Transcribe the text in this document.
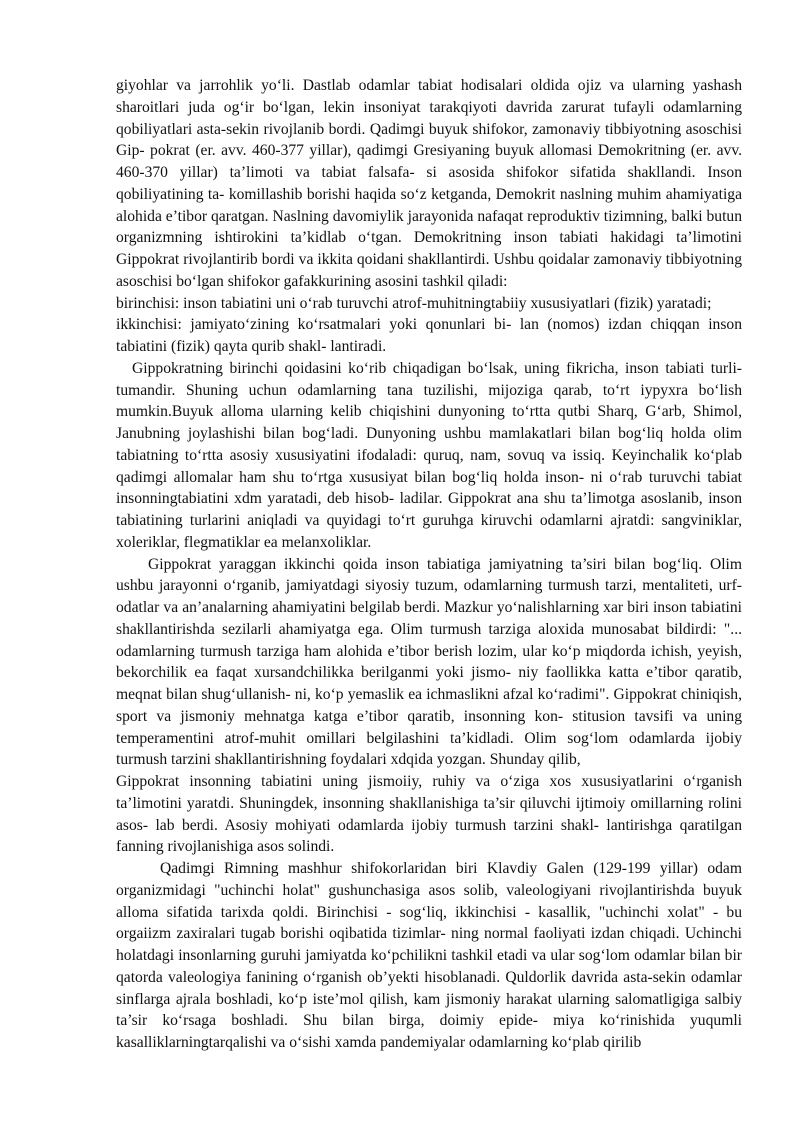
giyohlar va jarrohlik yo‘li. Dastlab odamlar tabiat hodisalari oldida ojiz va ularning yashash sharoitlari juda og‘ir bo‘lgan, lekin insoniyat tarakqiyoti davrida zarurat tufayli odamlarning qobiliyatlari asta-sekin rivojlanib bordi. Qadimgi buyuk shifokor, zamonaviy tibbiyotning asoschisi Gip- pokrat (er. avv. 460-377 yillar), qadimgi Gresiyaning buyuk allomasi Demokritning (er. avv. 460-370 yillar) ta’limoti va tabiat falsafa- si asosida shifokor sifatida shakllandi. Inson qobiliyatining ta- komillashib borishi haqida so‘z ketganda, Demokrit naslning muhim ahamiyatiga alohida e’tibor qaratgan. Naslning davomiylik jarayonida nafaqat reproduktiv tizimning, balki butun organizmning ishtirokini ta’kidlab o‘tgan. Demokritning inson tabiati hakidagi ta’limotini Gippokrat rivojlantirib bordi va ikkita qoidani shakllantirdi. Ushbu qoidalar zamonaviy tibbiyotning asoschisi bo‘lgan shifokor gafakkurining asosini tashkil qiladi:

birinchisi: inson tabiatini uni o‘rab turuvchi atrof-muhitningtabiiy xususiyatlari (fizik) yaratadi;

ikkinchisi: jamiyato‘zining ko‘rsatmalari yoki qonunlari bi- lan (nomos) izdan chiqqan inson tabiatini (fizik) qayta qurib shakl- lantiradi.

Gippokratning birinchi qoidasini ko‘rib chiqadigan bo‘lsak, uning fikricha, inson tabiati turli-tumandir. Shuning uchun odamlarning tana tuzilishi, mijoziga qarab, to‘rt iypyxra bo‘lish mumkin.Buyuk alloma ularning kelib chiqishini dunyoning to‘rtta qutbi Sharq, G‘arb, Shimol, Janubning joylashishi bilan bog‘ladi. Dunyoning ushbu mamlakatlari bilan bog‘liq holda olim tabiatning to‘rtta asosiy xususiyatini ifodaladi: quruq, nam, sovuq va issiq. Keyinchalik ko‘plab qadimgi allomalar ham shu to‘rtga xususiyat bilan bog‘liq holda inson- ni o‘rab turuvchi tabiat insonningtabiatini xdm yaratadi, deb hisob- ladilar. Gippokrat ana shu ta’limotga asoslanib, inson tabiatining turlarini aniqladi va quyidagi to‘rt guruhga kiruvchi odamlarni ajratdi: sangviniklar, xoleriklar, flegmatiklar ea melanxoliklar.

Gippokrat yaraggan ikkinchi qoida inson tabiatiga jamiyatning ta’siri bilan bog‘liq. Olim ushbu jarayonni o‘rganib, jamiyatdagi siyosiy tuzum, odamlarning turmush tarzi, mentaliteti, urf-odatlar va an’analarning ahamiyatini belgilab berdi. Mazkur yo‘nalishlarning xar biri inson tabiatini shakllantirishda sezilarli ahamiyatga ega. Olim turmush tarziga aloxida munosabat bildirdi: "... odamlarning turmush tarziga ham alohida e’tibor berish lozim, ular ko‘p miqdorda ichish, yeyish, bekorchilik ea faqat xursandchilikka berilganmi yoki jismo- niy faollikka katta e’tibor qaratib, meqnat bilan shug‘ullanish- ni, ko‘p yemaslik ea ichmaslikni afzal ko‘radimi". Gippokrat chiniqish, sport va jismoniy mehnatga katga e’tibor qaratib, insonning kon- stitusion tavsifi va uning temperamentini atrof-muhit omillari belgilashini ta’kidladi. Olim sog‘lom odamlarda ijobiy turmush tarzini shakllantirishning foydalari xdqida yozgan. Shunday qilib,

Gippokrat insonning tabiatini uning jismoiiy, ruhiy va o‘ziga xos xususiyatlarini o‘rganish ta’limotini yaratdi. Shuningdek, insonning shakllanishiga ta’sir qiluvchi ijtimoiy omillarning rolini asos- lab berdi. Asosiy mohiyati odamlarda ijobiy turmush tarzini shakl- lantirishga qaratilgan fanning rivojlanishiga asos solindi.

Qadimgi Rimning mashhur shifokorlaridan biri Klavdiy Galen (129-199 yillar) odam organizmidagi "uchinchi holat" gushunchasiga asos solib, valeologiyani rivojlantirishda buyuk alloma sifatida tarixda qoldi. Birinchisi - sog‘liq, ikkinchisi - kasallik, "uchinchi xolat" - bu orgaiizm zaxiralari tugab borishi oqibatida tizimlar- ning normal faoliyati izdan chiqadi. Uchinchi holatdagi insonlarning guruhi jamiyatda ko‘pchilikni tashkil etadi va ular sog‘lom odamlar bilan bir qatorda valeologiya fanining o‘rganish ob’yekti hisoblanadi. Quldorlik davrida asta-sekin odamlar sinflarga ajrala boshladi, ko‘p iste’mol qilish, kam jismoniy harakat ularning salomatligiga salbiy ta’sir ko‘rsaga boshladi. Shu bilan birga, doimiy epide- miya ko‘rinishida yuqumli kasalliklarningtarqalishi va o‘sishi xamda pandemiyalar odamlarning ko‘plab qirilib
